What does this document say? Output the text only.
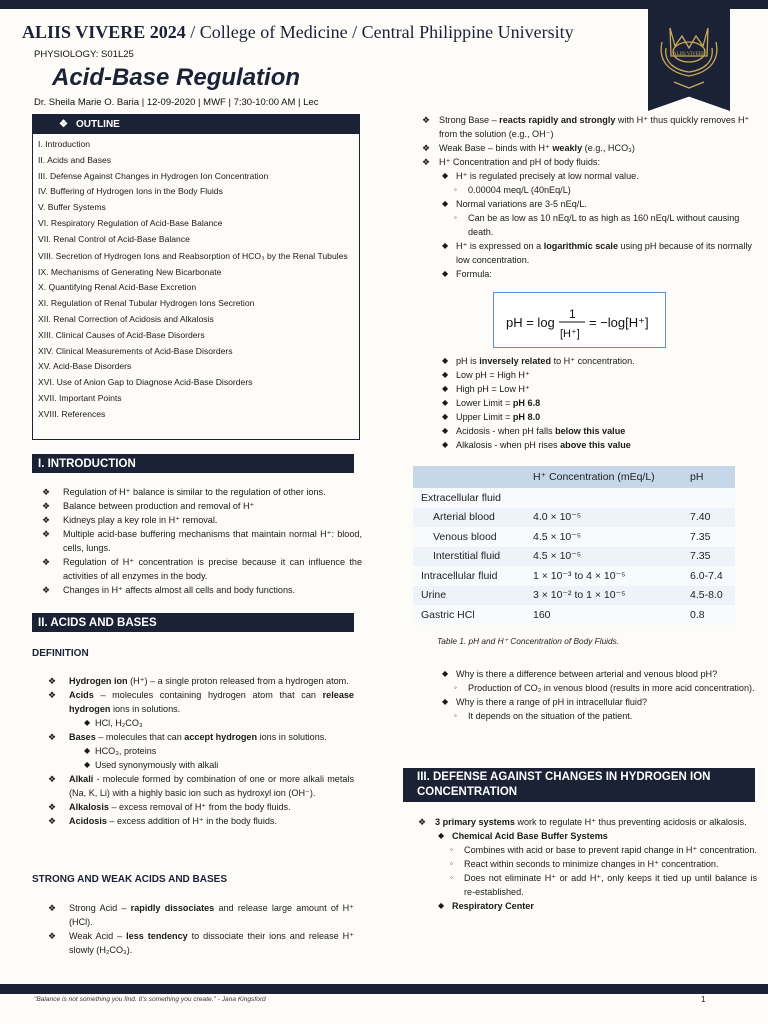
ALIIS VIVERE 2024 / College of Medicine / Central Philippine University
PHYSIOLOGY: S01L25
Acid-Base Regulation
Dr. Sheila Marie O. Baria | 12-09-2020 | MWF | 7:30-10:00 AM | Lec
ALIIS VIVERE
❖ OUTLINE
I. Introduction
II. Acids and Bases
III. Defense Against Changes in Hydrogen Ion Concentration
IV. Buffering of Hydrogen Ions in the Body Fluids
V. Buffer Systems
VI. Respiratory Regulation of Acid-Base Balance
VII. Renal Control of Acid-Base Balance
VIII. Secretion of Hydrogen Ions and Reabsorption of HCO₃ by the Renal Tubules
IX. Mechanisms of Generating New Bicarbonate
X. Quantifying Renal Acid-Base Excretion
XI. Regulation of Renal Tubular Hydrogen Ions Secretion
XII. Renal Correction of Acidosis and Alkalosis
XIII. Clinical Causes of Acid-Base Disorders
XIV. Clinical Measurements of Acid-Base Disorders
XV. Acid-Base Disorders
XVI. Use of Anion Gap to Diagnose Acid-Base Disorders
XVII. Important Points
XVIII. References
I. INTRODUCTION
❖ Regulation of H⁺ balance is similar to the regulation of other ions.
❖ Balance between production and removal of H⁺
❖ Kidneys play a key role in H⁺ removal.
❖ Multiple acid-base buffering mechanisms that maintain normal H⁺: blood, cells, lungs.
❖ Regulation of H⁺ concentration is precise because it can influence the activities of all enzymes in the body.
❖ Changes in H⁺ affects almost all cells and body functions.
II. ACIDS AND BASES
DEFINITION
❖ Hydrogen ion (H⁺) – a single proton released from a hydrogen atom.
❖ Acids – molecules containing hydrogen atom that can release hydrogen ions in solutions.
◆ HCl, H₂CO₃
❖ Bases – molecules that can accept hydrogen ions in solutions.
◆ HCO₃, proteins
◆ Used synonymously with alkali
❖ Alkali - molecule formed by combination of one or more alkali metals (Na, K, Li) with a highly basic ion such as hydroxyl ion (OH⁻).
❖ Alkalosis – excess removal of H⁺ from the body fluids.
❖ Acidosis – excess addition of H⁺ in the body fluids.
STRONG AND WEAK ACIDS AND BASES
❖ Strong Acid – rapidly dissociates and release large amount of H⁺ (HCl).
❖ Weak Acid – less tendency to dissociate their ions and release H⁺ slowly (H₂CO₃).
❖ Strong Base – reacts rapidly and strongly with H⁺ thus quickly removes H⁺ from the solution (e.g., OH⁻)
❖ Weak Base – binds with H⁺ weakly (e.g., HCO₃)
❖ H⁺ Concentration and pH of body fluids:
◆ H⁺ is regulated precisely at low normal value.
◦ 0.00004 meq/L (40nEq/L)
◆ Normal variations are 3-5 nEq/L.
◦ Can be as low as 10 nEq/L to as high as 160 nEq/L without causing death.
◆ H⁺ is expressed on a logarithmic scale using pH because of its normally low concentration.
◆ Formula:
pH = log
1
[H⁺]
= −log[H⁺]
◆ pH is inversely related to H⁺ concentration.
◆ Low pH = High H⁺
◆ High pH = Low H⁺
◆ Lower Limit = pH 6.8
◆ Upper Limit = pH 8.0
◆ Acidosis - when pH falls below this value
◆ Alkalosis - when pH rises above this value
	H⁺ Concentration (mEq/L)	pH
Extracellular fluid		
Arterial blood	4.0 × 10⁻⁵	7.40
Venous blood	4.5 × 10⁻⁵	7.35
Interstitial fluid	4.5 × 10⁻⁵	7.35
Intracellular fluid	1 × 10⁻³ to 4 × 10⁻⁵	6.0-7.4
Urine	3 × 10⁻² to 1 × 10⁻⁵	4.5-8.0
Gastric HCl	160	0.8
Table 1. pH and H⁺ Concentration of Body Fluids.
◆ Why is there a difference between arterial and venous blood pH?
◦ Production of CO₂ in venous blood (results in more acid concentration).
◆ Why is there a range of pH in intracellular fluid?
◦ It depends on the situation of the patient.
III. DEFENSE AGAINST CHANGES IN HYDROGEN ION CONCENTRATION
❖ 3 primary systems work to regulate H⁺ thus preventing acidosis or alkalosis.
◆ Chemical Acid Base Buffer Systems
◦ Combines with acid or base to prevent rapid change in H⁺ concentration.
◦ React within seconds to minimize changes in H⁺ concentration.
◦ Does not eliminate H⁺ or add H⁺, only keeps it tied up until balance is re-established.
◆ Respiratory Center
"Balance is not something you find. It's something you create." - Jana Kingsford	1
